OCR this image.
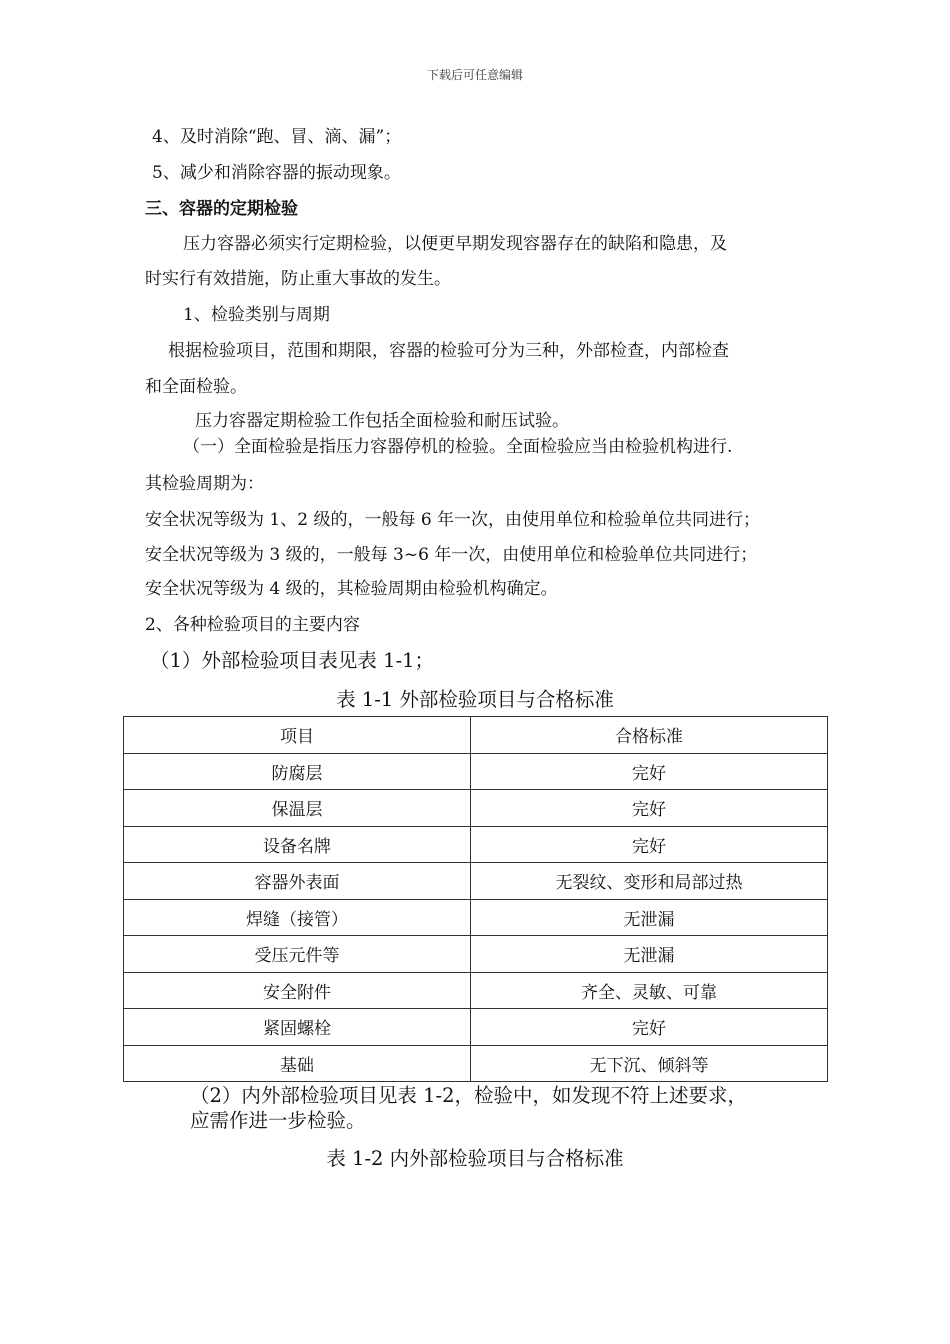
下载后可任意编辑
4、及时消除“跑、冒、滴、漏”；
5、减少和消除容器的振动现象。
三、容器的定期检验
压力容器必须实行定期检验，以便更早期发现容器存在的缺陷和隐患，及
时实行有效措施，防止重大事故的发生。
1、检验类别与周期
根据检验项目，范围和期限，容器的检验可分为三种，外部检查，内部检查
和全面检验。
压力容器定期检验工作包括全面检验和耐压试验。
（一）全面检验是指压力容器停机的检验。全面检验应当由检验机构进行.
其检验周期为：
安全状况等级为 1、2 级的，一般每 6 年一次，由使用单位和检验单位共同进行；
安全状况等级为 3 级的，一般每 3~6 年一次，由使用单位和检验单位共同进行；
安全状况等级为 4 级的，其检验周期由检验机构确定。
2、各种检验项目的主要内容
（1）外部检验项目表见表 1-1；
表 1-1 外部检验项目与合格标准
项目	合格标准
防腐层	完好
保温层	完好
设备名牌	完好
容器外表面	无裂纹、变形和局部过热
焊缝（接管）	无泄漏
受压元件等	无泄漏
安全附件	齐全、灵敏、可靠
紧固螺栓	完好
基础	无下沉、倾斜等
（2）内外部检验项目见表 1-2，检验中，如发现不符上述要求，
应需作进一步检验。
表 1-2 内外部检验项目与合格标准
